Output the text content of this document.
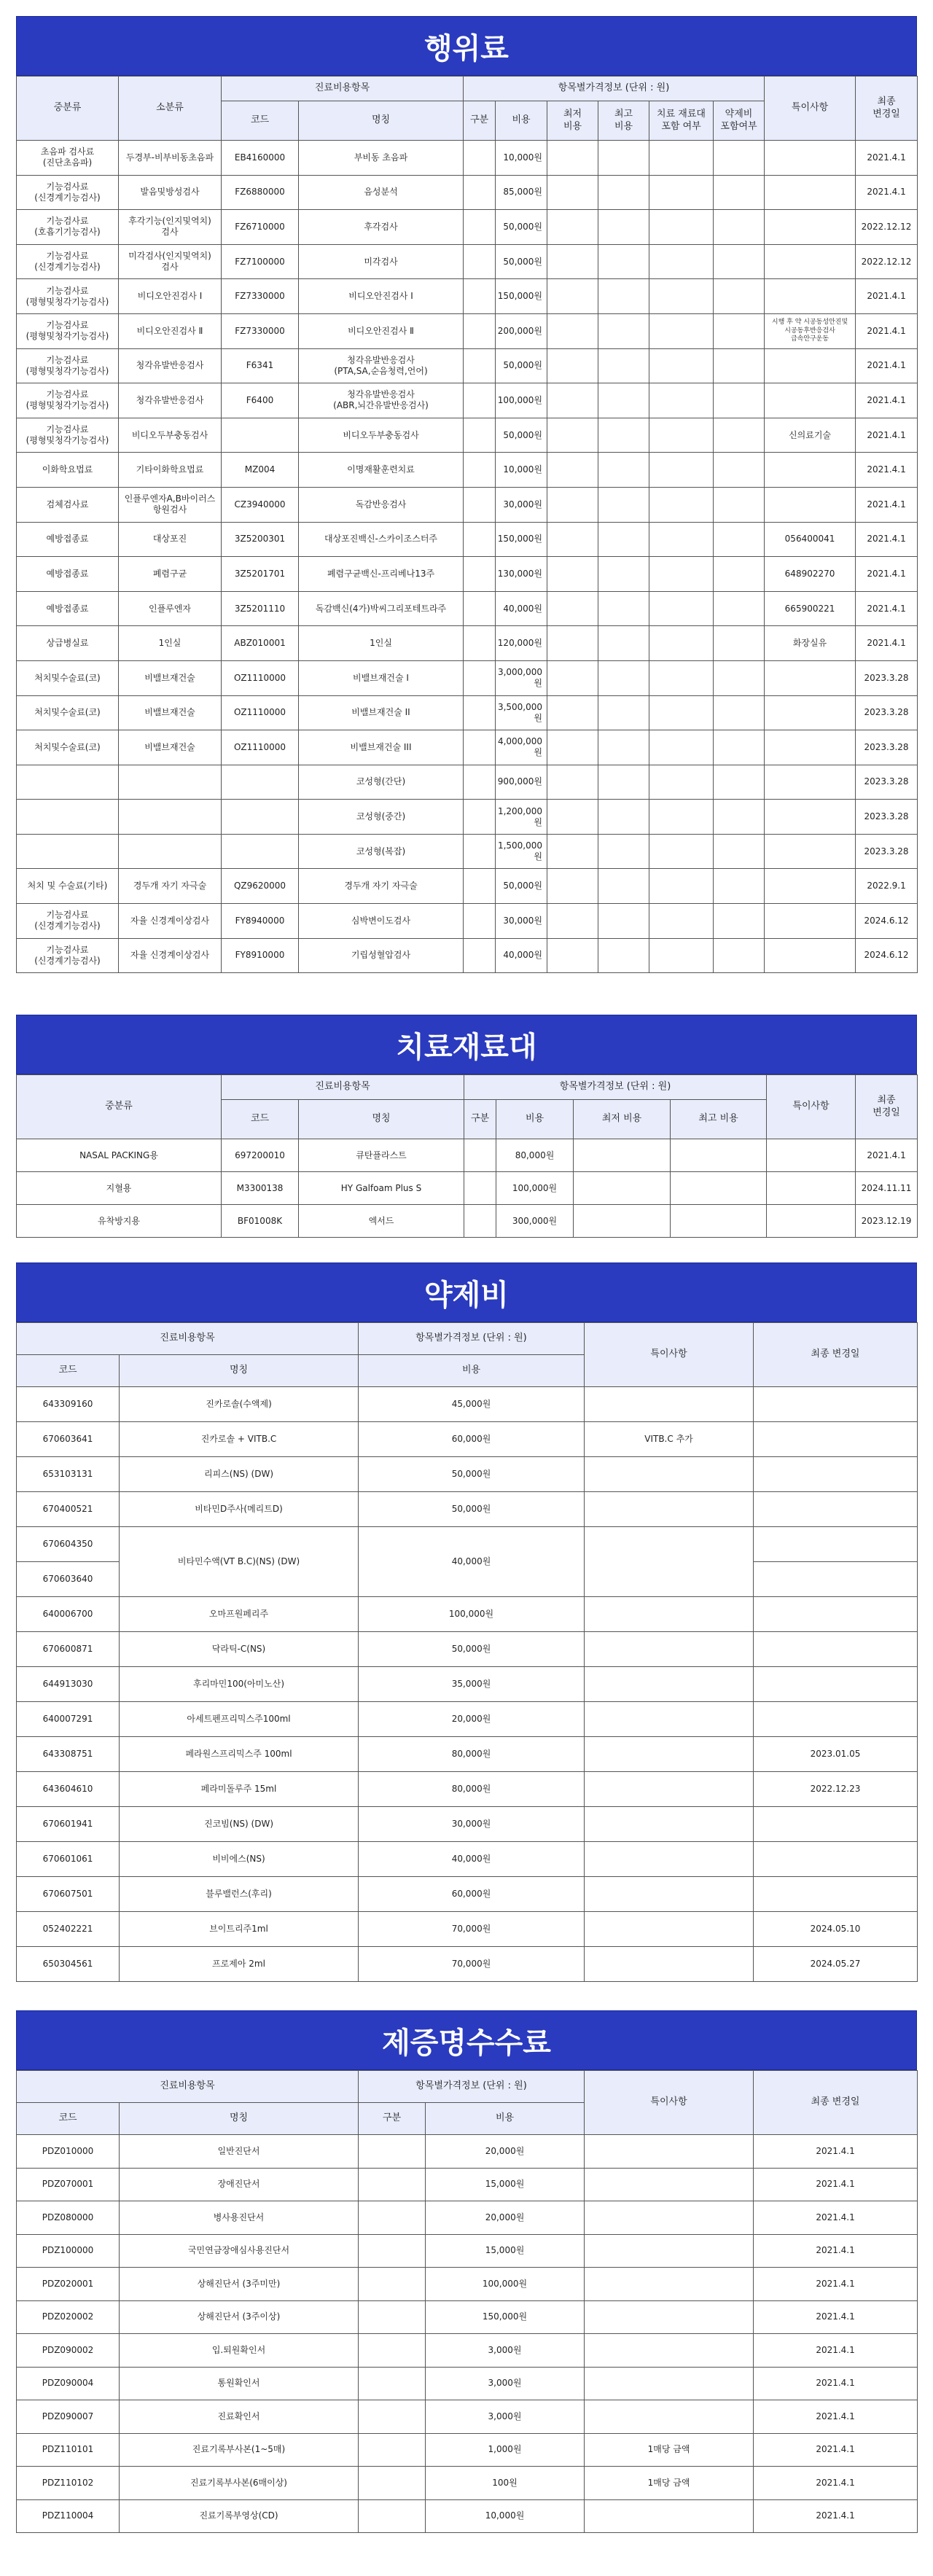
행위료
중분류	소분류	진료비용항목		항목별가격정보 (단위 : 원)						특이사항	최종
변경일
		코드	명칭	구분	비용	최저
비용	최고
비용	치료 재료대
포함 여부	약제비
포함여부		
초음파 검사료
(진단초음파)	두경부-비부비동초음파	EB4160000	부비동 초음파		10,000원						2021.4.1
기능검사료
(신경계기능검사)	발음및방성검사	FZ6880000	음성분석		85,000원						2021.4.1
기능검사료
(호흡기기능검사)	후각기능(인지및역치)
검사	FZ6710000	후각검사		50,000원						2022.12.12
기능검사료
(신경계기능검사)	미각검사(인지및역치)
검사	FZ7100000	미각검사		50,000원						2022.12.12
기능검사료
(평형및청각기능검사)	비디오안진검사 Ⅰ	FZ7330000	비디오안진검사 Ⅰ		150,000원						2021.4.1
기능검사료
(평형및청각기능검사)	비디오안진검사 Ⅱ	FZ7330000	비디오안진검사 Ⅱ		200,000원					시행 후 약 시공동성안진및
시공동후반응검사
급속안구운동	2021.4.1
기능검사료
(평형및청각기능검사)	청각유발반응검사	F6341	청각유발반응검사
(PTA,SA,순음청력,언어)		50,000원						2021.4.1
기능검사료
(평형및청각기능검사)	청각유발반응검사	F6400	청각유발반응검사
(ABR,뇌간유발반응검사)		100,000원						2021.4.1
기능검사료
(평형및청각기능검사)	비디오두부충동검사		비디오두부충동검사		50,000원					신의료기술	2021.4.1
이화학요법료	기타이화학요법료	MZ004	이명재활훈련치료		10,000원						2021.4.1
검체검사료	인플루엔자A,B바이러스
항원검사	CZ3940000	독감반응검사		30,000원						2021.4.1
예방접종료	대상포진	3Z5200301	대상포진백신-스카이조스터주		150,000원					056400041	2021.4.1
예방접종료	폐렴구균	3Z5201701	폐렴구균백신-프리베나13주		130,000원					648902270	2021.4.1
예방접종료	인플루엔자	3Z5201110	독감백신(4가)박씨그리포테트라주		40,000원					665900221	2021.4.1
상급병실료	1인실	ABZ010001	1인실		120,000원					화장실유	2021.4.1
처치및수술료(코)	비밸브재건술	OZ1110000	비밸브재건술 I		3,000,000원						2023.3.28
처치및수술료(코)	비밸브재건술	OZ1110000	비밸브재건술 II		3,500,000원						2023.3.28
처치및수술료(코)	비밸브재건술	OZ1110000	비밸브재건술 III		4,000,000원						2023.3.28
			코성형(간단)		900,000원						2023.3.28
			코성형(중간)		1,200,000원						2023.3.28
			코성형(복잡)		1,500,000원						2023.3.28
처치 및 수술료(기타)	경두개 자기 자극술	QZ9620000	경두개 자기 자극술		50,000원						2022.9.1
기능검사료
(신경계기능검사)	자율 신경계이상검사	FY8940000	심박변이도검사		30,000원						2024.6.12
기능검사료
(신경계기능검사)	자율 신경계이상검사	FY8910000	기립성혈압검사		40,000원						2024.6.12
치료재료대
중분류	진료비용항목		항목별가격정보 (단위 : 원)				특이사항	최종
변경일
	코드	명칭	구분	비용	최저 비용	최고 비용		
NASAL PACKING용	697200010	큐탄플라스트		80,000원				2021.4.1
지혈용	M3300138	HY Galfoam Plus S		100,000원				2024.11.11
유착방지용	BF01008K	엑서드		300,000원				2023.12.19
약제비
진료비용항목		항목별가격정보 (단위 : 원)	특이사항	최종 변경일
코드	명칭	비용		
643309160	진카로솔(수액제)	45,000원		
670603641	진카로솔 + VITB.C	60,000원	VITB.C 추가	
653103131	리피스(NS) (DW)	50,000원		
670400521	비타민D주사(메리트D)	50,000원		
670604350	비타민수액(VT B.C)(NS) (DW)	40,000원		
670603640				
640006700	오마프원페리주	100,000원		
670600871	닥라틱-C(NS)	50,000원		
644913030	후리마민100(아미노산)	35,000원		
640007291	아세트펜프리믹스주100ml	20,000원		
643308751	페라원스프리믹스주 100ml	80,000원		2023.01.05
643604610	페라미돌루주 15ml	80,000원		2022.12.23
670601941	진코빔(NS) (DW)	30,000원		
670601061	비비에스(NS)	40,000원		
670607501	블루밸런스(후리)	60,000원		
052402221	브이트리주1ml	70,000원		2024.05.10
650304561	프로제아 2ml	70,000원		2024.05.27
제증명수수료
진료비용항목		항목별가격정보 (단위 : 원)		특이사항	최종 변경일
코드	명칭	구분	비용		
PDZ010000	일반진단서		20,000원		2021.4.1
PDZ070001	장애진단서		15,000원		2021.4.1
PDZ080000	병사용진단서		20,000원		2021.4.1
PDZ100000	국민연금장애심사용진단서		15,000원		2021.4.1
PDZ020001	상해진단서 (3주미만)		100,000원		2021.4.1
PDZ020002	상해진단서 (3주이상)		150,000원		2021.4.1
PDZ090002	입.퇴원확인서		3,000원		2021.4.1
PDZ090004	통원확인서		3,000원		2021.4.1
PDZ090007	진료확인서		3,000원		2021.4.1
PDZ110101	진료기록부사본(1~5매)		1,000원	1매당 금액	2021.4.1
PDZ110102	진료기록부사본(6매이상)		100원	1매당 금액	2021.4.1
PDZ110004	진료기록부영상(CD)		10,000원		2021.4.1
